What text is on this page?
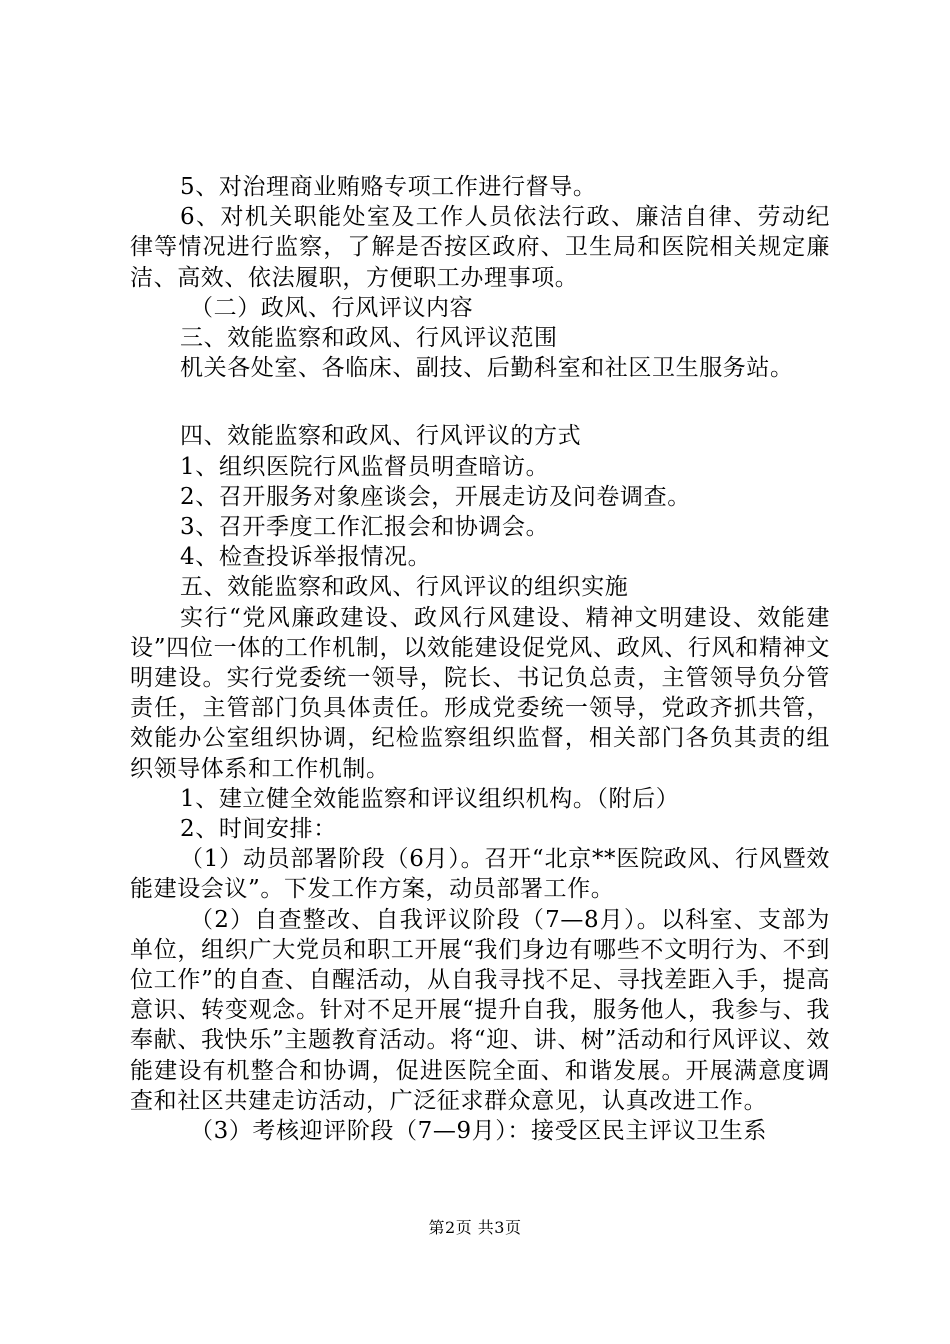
5、对治理商业贿赂专项工作进行督导。

6、对机关职能处室及工作人员依法行政、廉洁自律、劳动纪律等情况进行监察，了解是否按区政府、卫生局和医院相关规定廉洁、高效、依法履职，方便职工办理事项。

（二）政风、行风评议内容

三、效能监察和政风、行风评议范围

机关各处室、各临床、副技、后勤科室和社区卫生服务站。

四、效能监察和政风、行风评议的方式

1、组织医院行风监督员明查暗访。

2、召开服务对象座谈会，开展走访及问卷调查。

3、召开季度工作汇报会和协调会。

4、检查投诉举报情况。

五、效能监察和政风、行风评议的组织实施

实行“党风廉政建设、政风行风建设、精神文明建设、效能建设”四位一体的工作机制，以效能建设促党风、政风、行风和精神文明建设。实行党委统一领导，院长、书记负总责，主管领导负分管责任，主管部门负具体责任。形成党委统一领导，党政齐抓共管，效能办公室组织协调，纪检监察组织监督，相关部门各负其责的组织领导体系和工作机制。

1、建立健全效能监察和评议组织机构。（附后）

2、时间安排：

（1）动员部署阶段（6月）。召开“北京**医院政风、行风暨效能建设会议”。下发工作方案，动员部署工作。

（2）自查整改、自我评议阶段（7—8月）。以科室、支部为单位，组织广大党员和职工开展“我们身边有哪些不文明行为、不到位工作”的自查、自醒活动，从自我寻找不足、寻找差距入手，提高意识、转变观念。针对不足开展“提升自我，服务他人，我参与、我奉献、我快乐”主题教育活动。将“迎、讲、树”活动和行风评议、效能建设有机整合和协调，促进医院全面、和谐发展。开展满意度调查和社区共建走访活动，广泛征求群众意见，认真改进工作。

（3）考核迎评阶段（7—9月）：接受区民主评议卫生系

第2页 共3页
